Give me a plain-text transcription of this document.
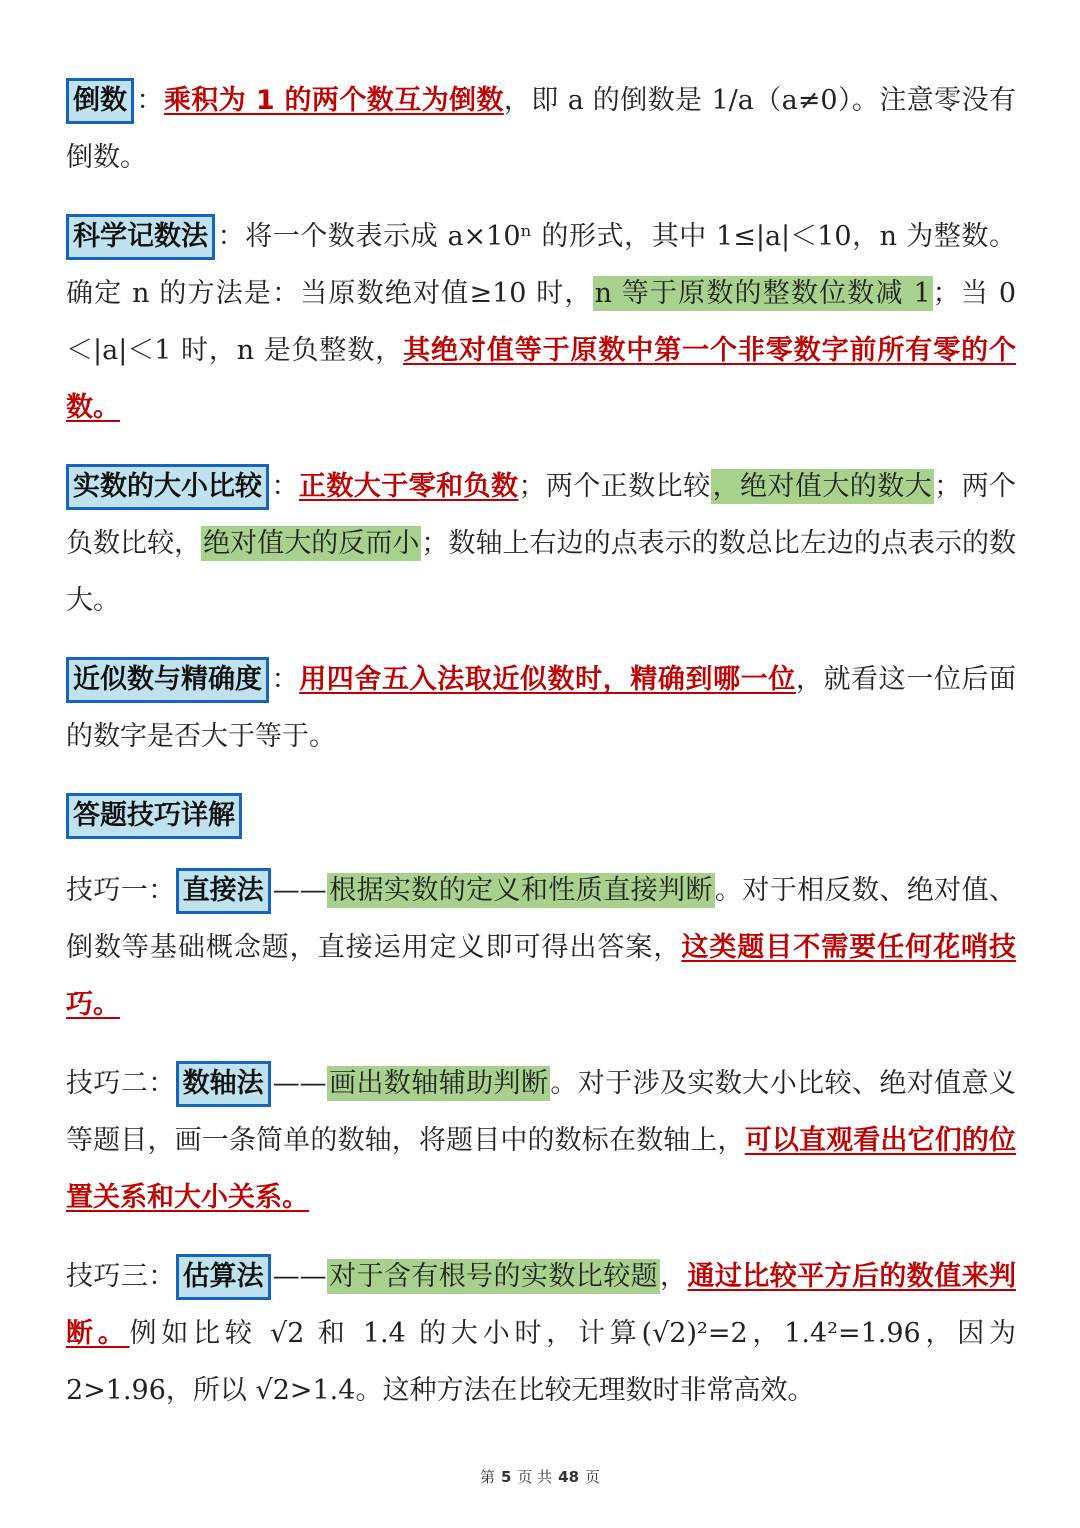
倒数 ：乘积为 1 的两个数互为倒数，即 a 的倒数是 1/a（a≠0）。注意零没有倒数。

科学记数法 ：将一个数表示成 a×10ⁿ 的形式，其中 1≤|a|＜10，n 为整数。确定 n 的方法是：当原数绝对值≥10 时，n 等于原数的整数位数减 1；当 0＜|a|＜1 时，n 是负整数，其绝对值等于原数中第一个非零数字前所有零的个数。

实数的大小比较 ：正数大于零和负数；两个正数比较，绝对值大的数大；两个负数比较，绝对值大的反而小；数轴上右边的点表示的数总比左边的点表示的数大。

近似数与精确度 ：用四舍五入法取近似数时，精确到哪一位，就看这一位后面的数字是否大于等于。

答题技巧详解

技巧一： 直接法 ——根据实数的定义和性质直接判断。对于相反数、绝对值、倒数等基础概念题，直接运用定义即可得出答案，这类题目不需要任何花哨技巧。

技巧二： 数轴法 ——画出数轴辅助判断。对于涉及实数大小比较、绝对值意义等题目，画一条简单的数轴，将题目中的数标在数轴上，可以直观看出它们的位置关系和大小关系。

技巧三： 估算法 ——对于含有根号的实数比较题，通过比较平方后的数值来判断。例如比较 √2 和 1.4 的大小时，计算(√2)²=2，1.4²=1.96，因为 2>1.96，所以 √2>1.4。这种方法在比较无理数时非常高效。

第 5 页 共 48 页
